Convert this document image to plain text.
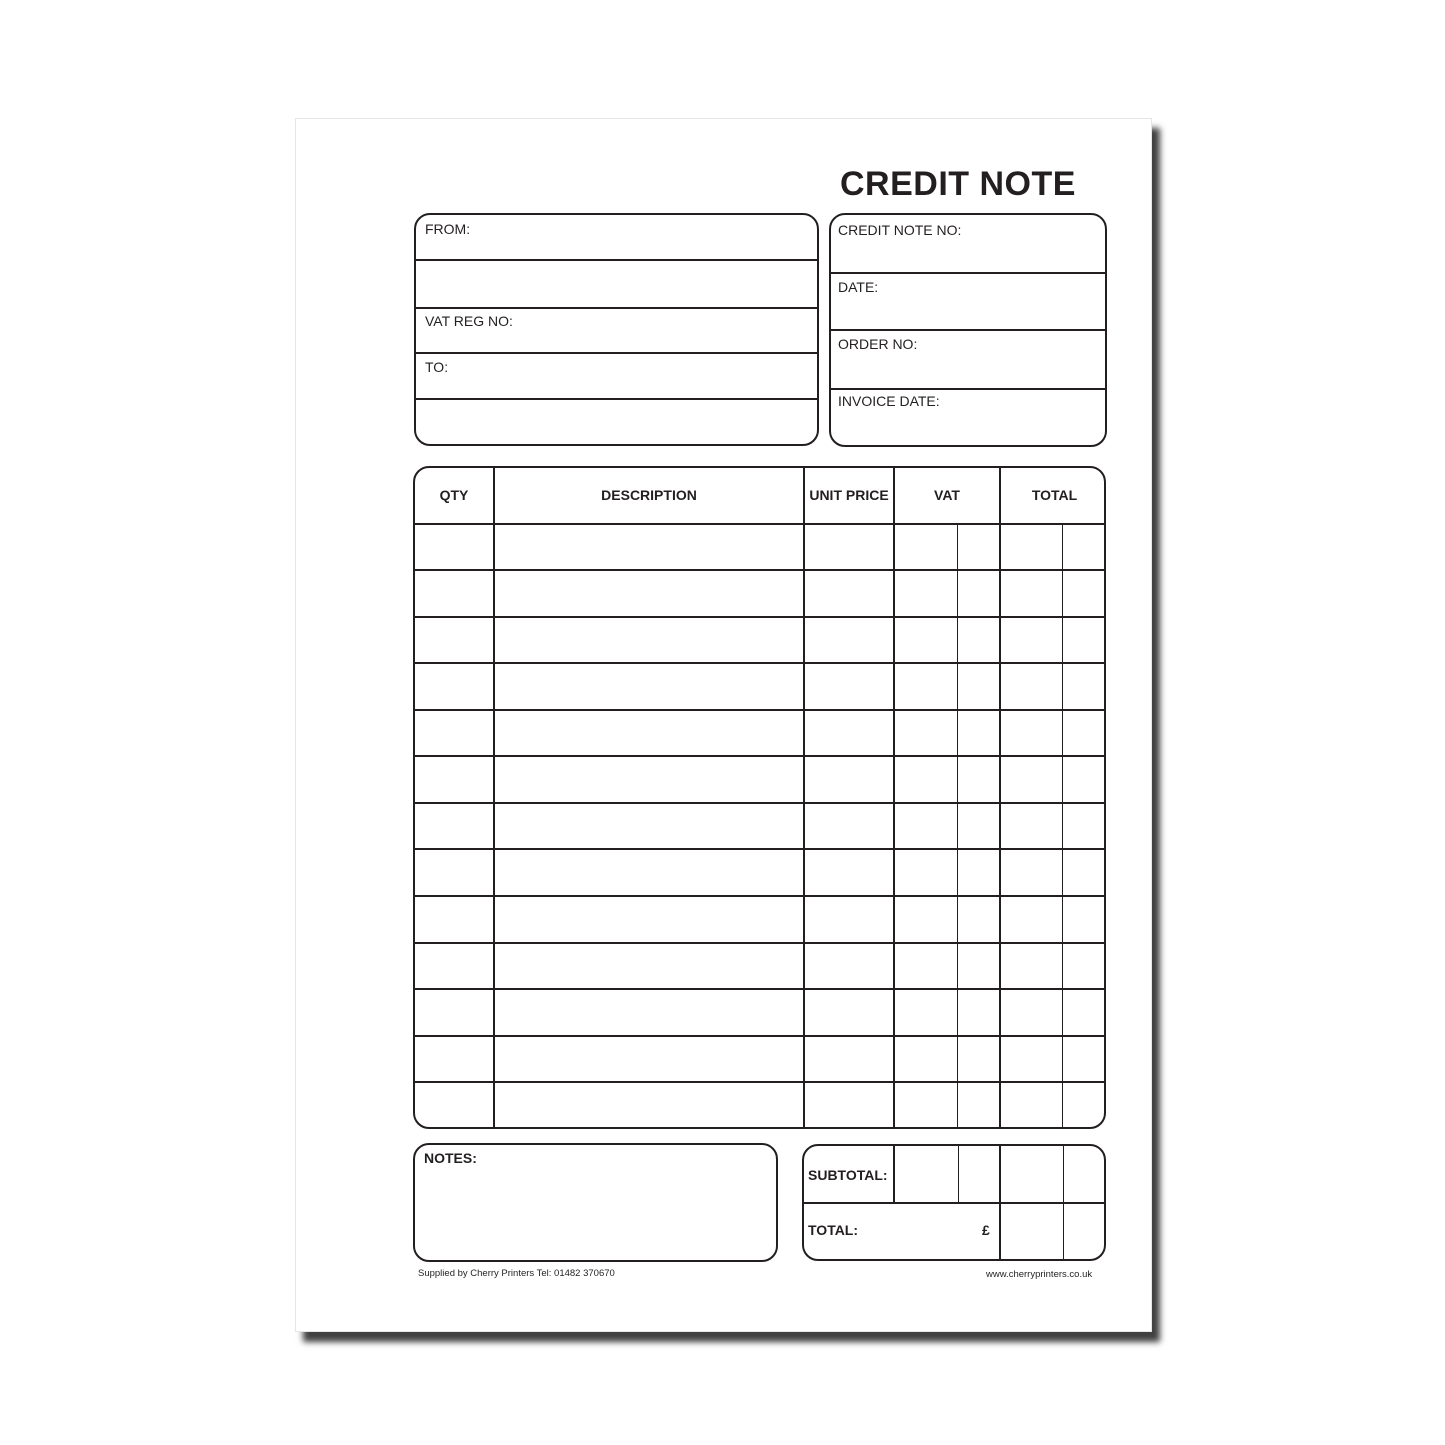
CREDIT NOTE
FROM:
VAT REG NO:
TO:
CREDIT NOTE NO:
DATE:
ORDER NO:
INVOICE DATE:
QTY	DESCRIPTION	UNIT PRICE	VAT	TOTAL
NOTES:
SUBTOTAL:
TOTAL:	£
Supplied by Cherry Printers Tel: 01482 370670	www.cherryprinters.co.uk
